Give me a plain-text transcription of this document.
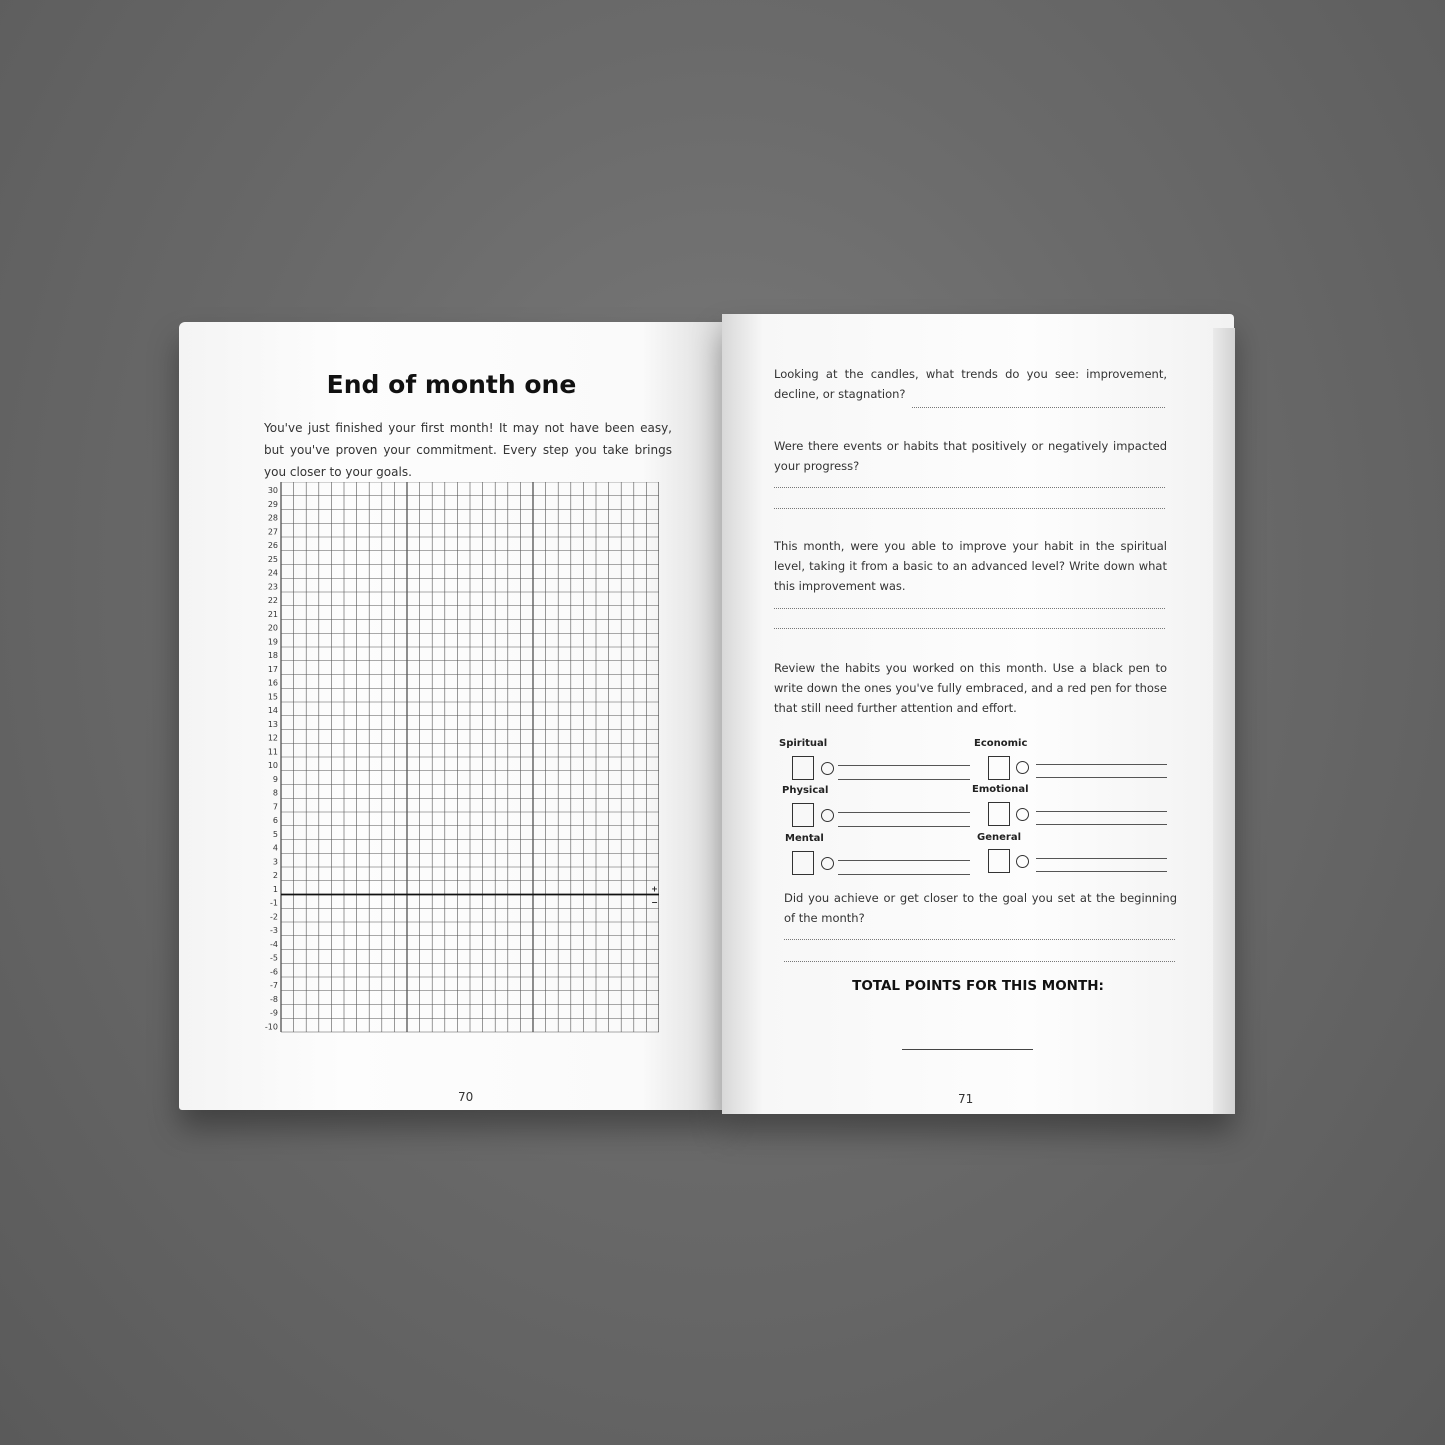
End of month one
You've just finished your first month! It may not have been easy, but you've proven your commitment. Every step you take brings you closer to your goals.
30
29
28
27
26
25
24
23
22
21
20
19
18
17
16
15
14
13
12
11
10
9
8
7
6
5
4
3
2
1
-1
-2
-3
-4
-5
-6
-7
-8
-9
-10
+
−
70
Looking at the candles, what trends do you see: improvement, decline, or stagnation?
Were there events or habits that positively or negatively impacted your progress?
This month, were you able to improve your habit in the spiritual level, taking it from a basic to an advanced level? Write down what this improvement was.
Review the habits you worked on this month. Use a black pen to write down the ones you've fully embraced, and a red pen for those that still need further attention and effort.
Spiritual	Economic
Physical	Emotional
Mental	General
Did you achieve or get closer to the goal you set at the beginning of the month?
TOTAL POINTS FOR THIS MONTH:
71
